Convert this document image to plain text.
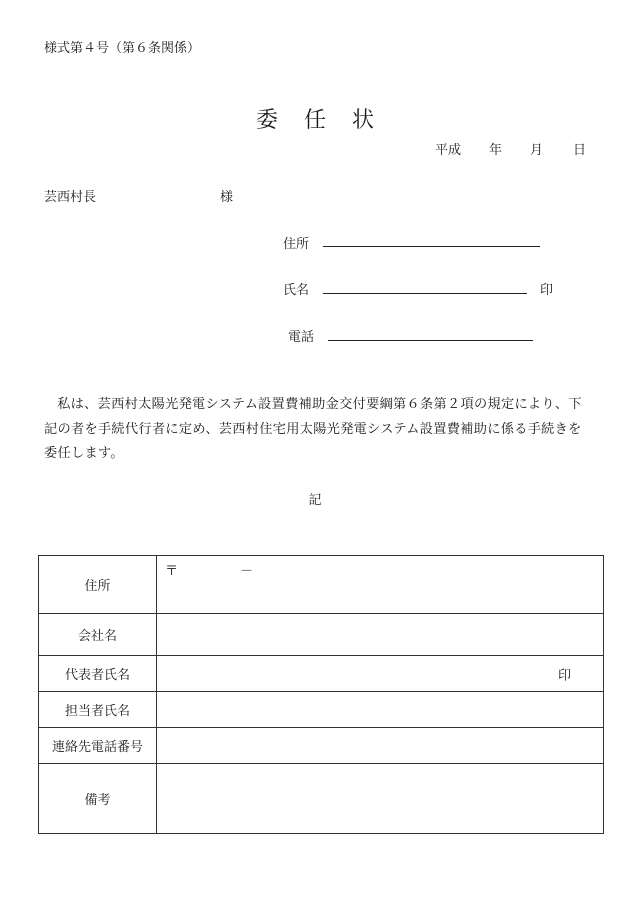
様式第４号（第６条関係）
委任状
平成 年 月 日
芸西村長	様
住所
氏名	印
電話
私は、芸西村太陽光発電システム設置費補助金交付要綱第６条第２項の規定により、下記の者を手続代行者に定め、芸西村住宅用太陽光発電システム設置費補助に係る手続きを委任します。
記
住所	〒 －

会社名	
代表者氏名	印

担当者氏名	
連絡先電話番号	
備考	
